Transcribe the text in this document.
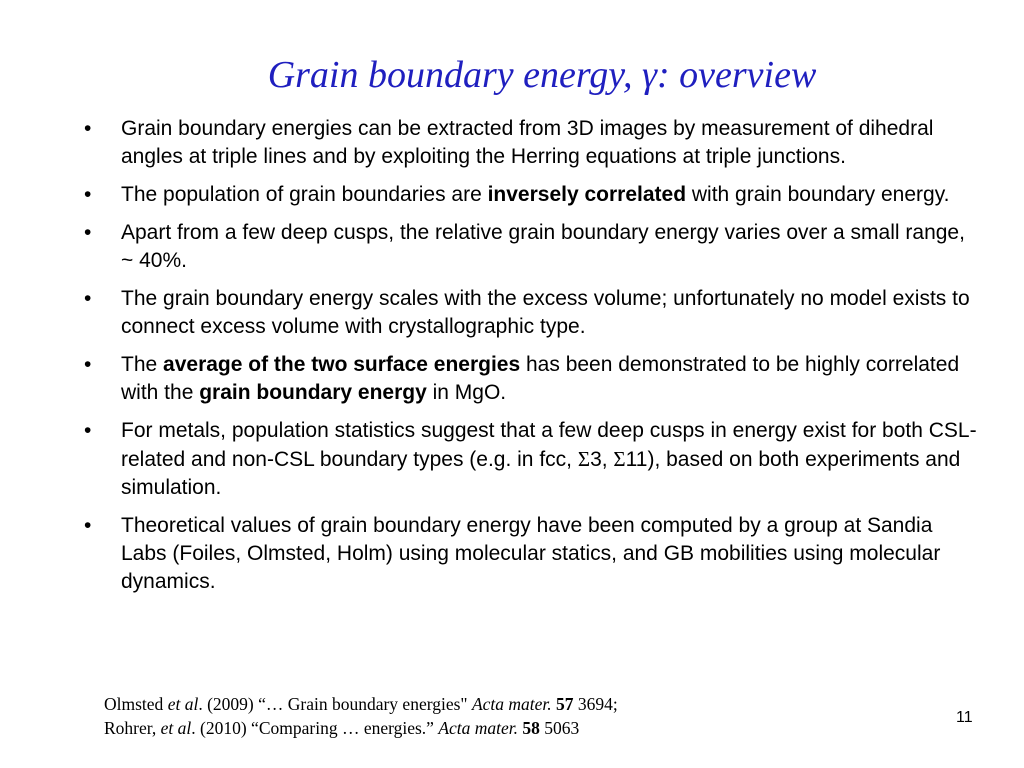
Grain boundary energy, γ: overview
• Grain boundary energies can be extracted from 3D images by measurement of dihedral angles at triple lines and by exploiting the Herring equations at triple junctions.
• The population of grain boundaries are inversely correlated with grain boundary energy.
• Apart from a few deep cusps, the relative grain boundary energy varies over a small range, ~ 40%.
• The grain boundary energy scales with the excess volume; unfortunately no model exists to connect excess volume with crystallographic type.
• The average of the two surface energies has been demonstrated to be highly correlated with the grain boundary energy in MgO.
• For metals, population statistics suggest that a few deep cusps in energy exist for both CSL-related and non-CSL boundary types (e.g. in fcc, Σ3, Σ11), based on both experiments and simulation.
• Theoretical values of grain boundary energy have been computed by a group at Sandia Labs (Foiles, Olmsted, Holm) using molecular statics, and GB mobilities using molecular dynamics.
Olmsted et al. (2009) “… Grain boundary energies" Acta mater. 57 3694;
Rohrer, et al. (2010) “Comparing … energies.” Acta mater. 58 5063
11
